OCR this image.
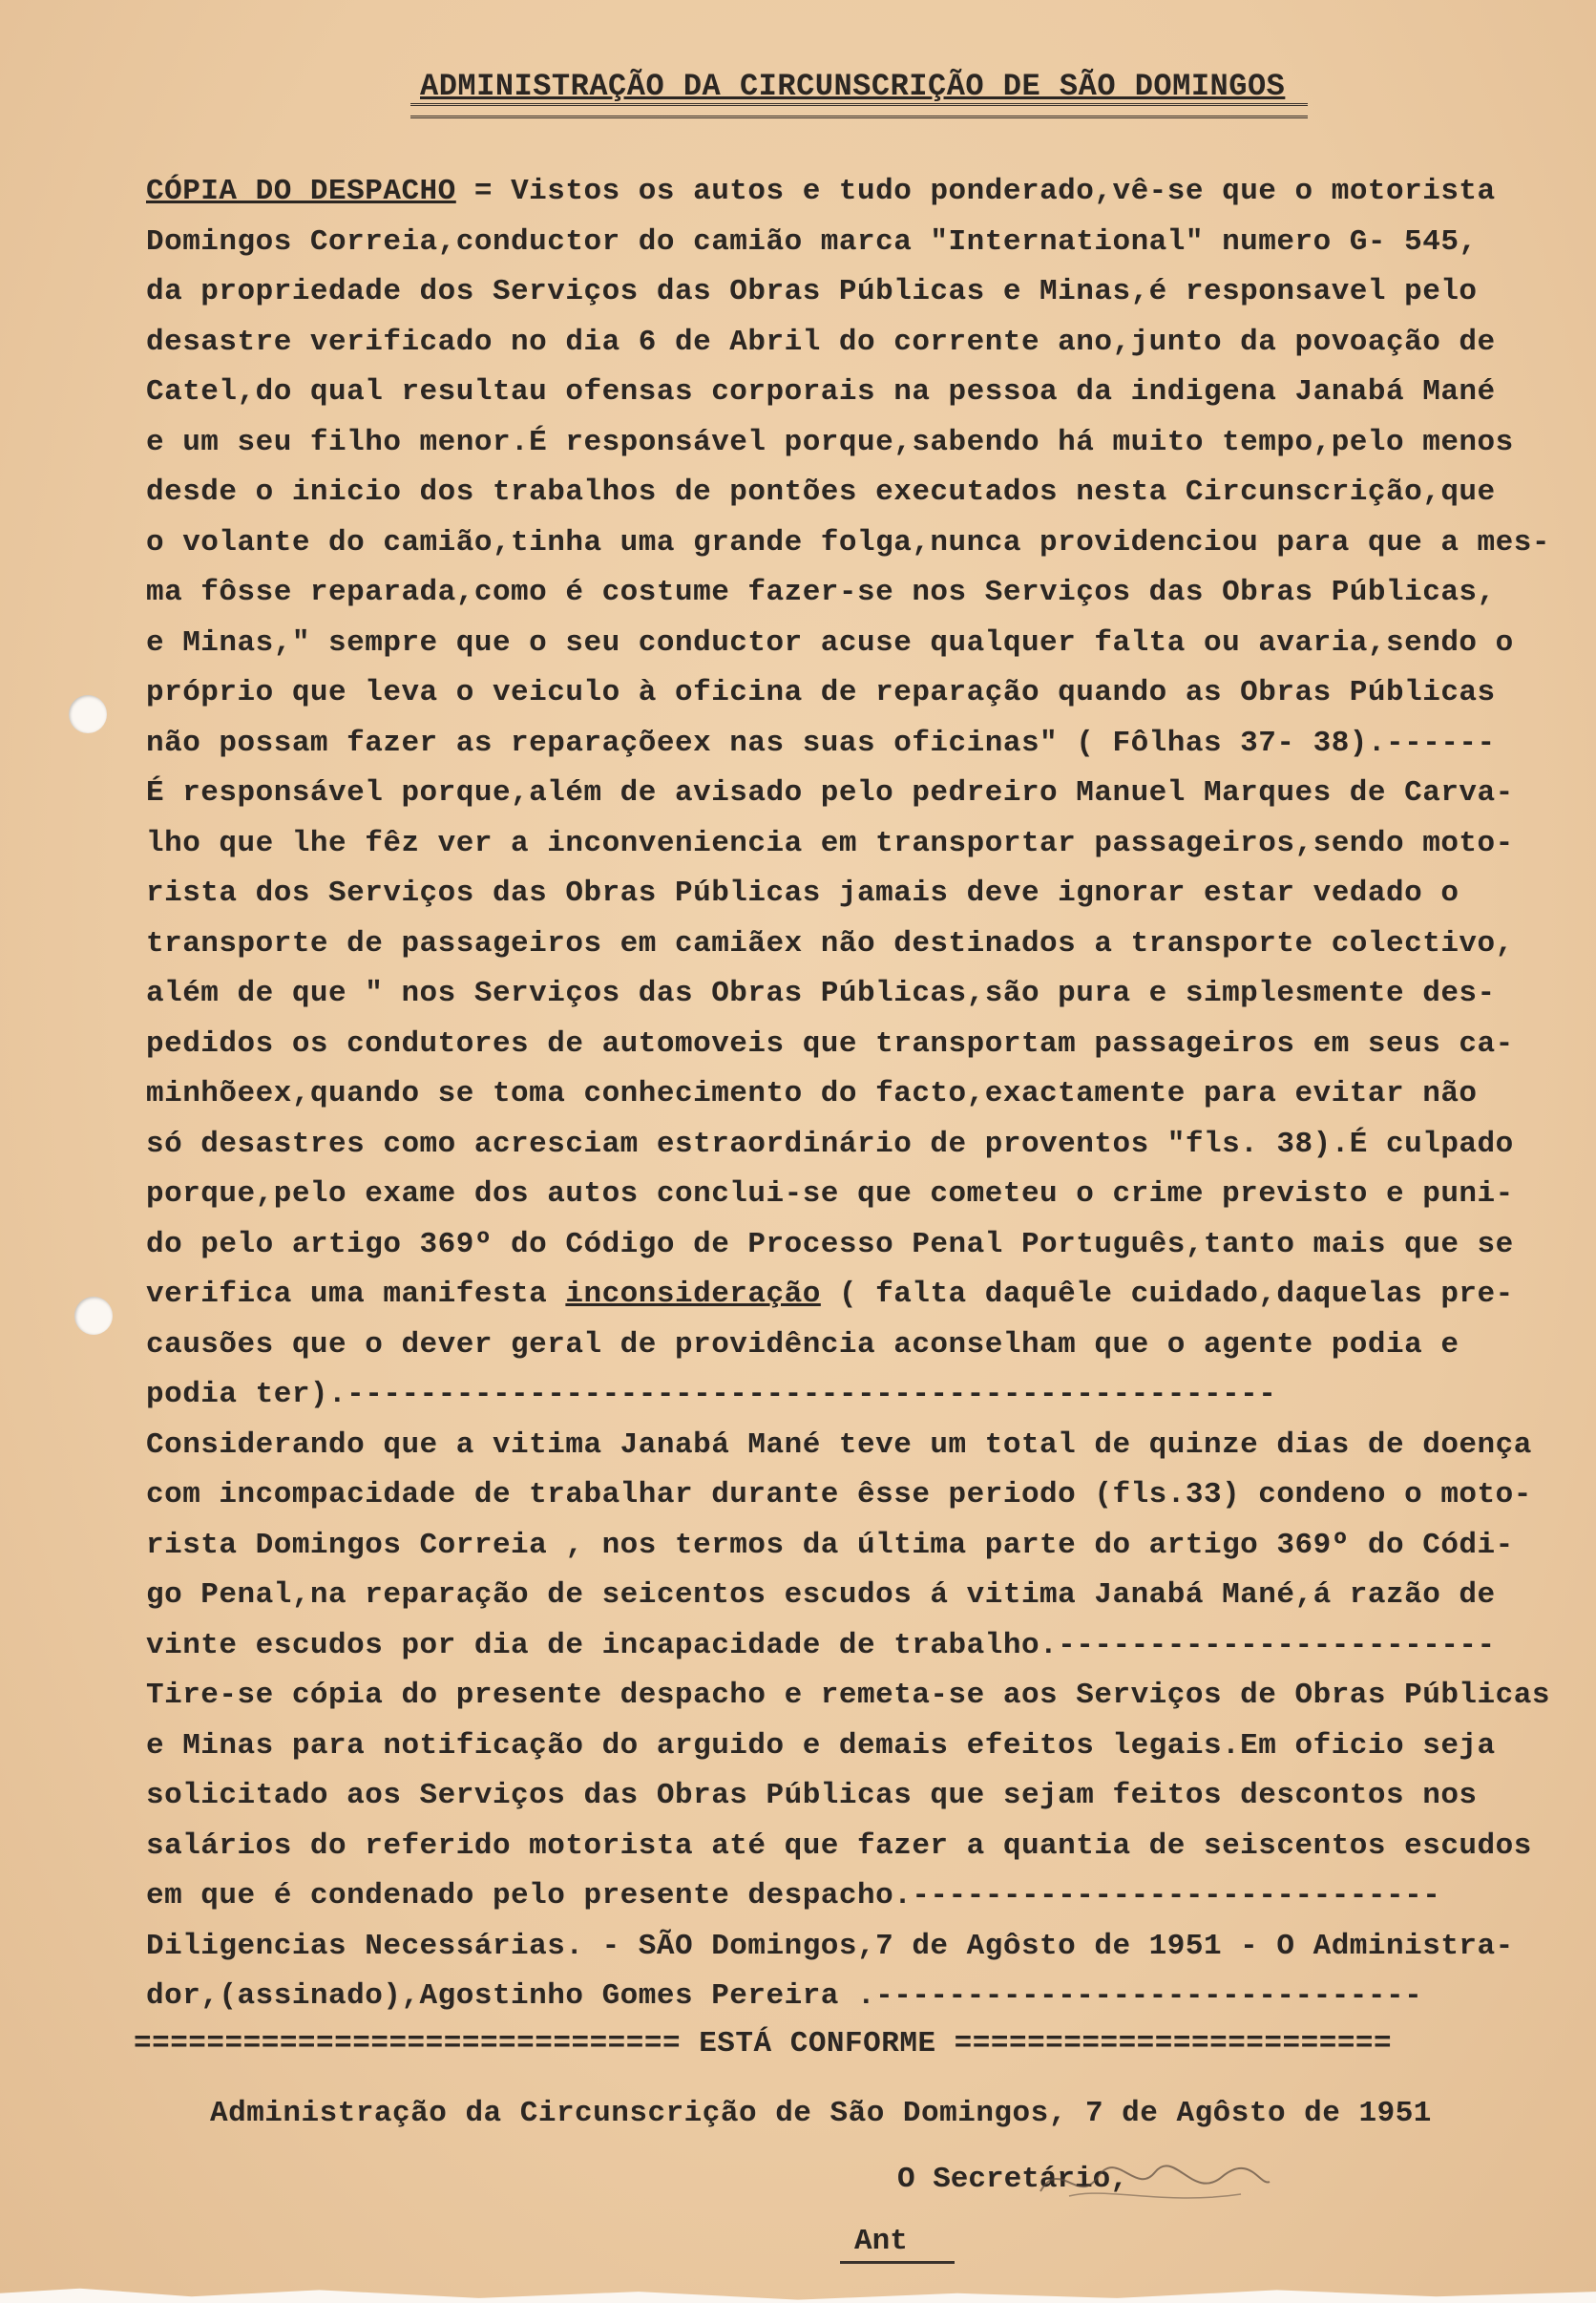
ADMINISTRAÇÃO DA CIRCUNSCRIÇÃO DE SÃO DOMINGOS
CÓPIA DO DESPACHO = Vistos os autos e tudo ponderado,vê-se que o motorista
Domingos Correia,conductor do camião marca "International" numero G- 545,
da propriedade dos Serviços das Obras Públicas e Minas,é responsavel pelo
desastre verificado no dia 6 de Abril do corrente ano,junto da povoação de
Catel,do qual resultau ofensas corporais na pessoa da indigena Janabá Mané
e um seu filho menor.É responsável porque,sabendo há muito tempo,pelo menos
desde o inicio dos trabalhos de pontões executados nesta Circunscrição,que
o volante do camião,tinha uma grande folga,nunca providenciou para que a mes-
ma fôsse reparada,como é costume fazer-se nos Serviços das Obras Públicas,
e Minas," sempre que o seu conductor acuse qualquer falta ou avaria,sendo o
próprio que leva o veiculo à oficina de reparação quando as Obras Públicas
não possam fazer as reparaçõeex nas suas oficinas" ( Fôlhas 37- 38).------
É responsável porque,além de avisado pelo pedreiro Manuel Marques de Carva-
lho que lhe fêz ver a inconveniencia em transportar passageiros,sendo moto-
rista dos Serviços das Obras Públicas jamais deve ignorar estar vedado o
transporte de passageiros em camiãex não destinados a transporte colectivo,
além de que " nos Serviços das Obras Públicas,são pura e simplesmente des-
pedidos os condutores de automoveis que transportam passageiros em seus ca-
minhõeex,quando se toma conhecimento do facto,exactamente para evitar não
só desastres como acresciam estraordinário de proventos "fls. 38).É culpado
porque,pelo exame dos autos conclui-se que cometeu o crime previsto e puni-
do pelo artigo 369º do Código de Processo Penal Português,tanto mais que se
verifica uma manifesta inconsideração ( falta daquêle cuidado,daquelas pre-
causões que o dever geral de providência aconselham que o agente podia e
podia ter).---------------------------------------------------
Considerando que a vitima Janabá Mané teve um total de quinze dias de doença
com incompacidade de trabalhar durante êsse periodo (fls.33) condeno o moto-
rista Domingos Correia , nos termos da última parte do artigo 369º do Códi-
go Penal,na reparação de seicentos escudos á vitima Janabá Mané,á razão de
vinte escudos por dia de incapacidade de trabalho.------------------------
Tire-se cópia do presente despacho e remeta-se aos Serviços de Obras Públicas
e Minas para notificação do arguido e demais efeitos legais.Em oficio seja
solicitado aos Serviços das Obras Públicas que sejam feitos descontos nos
salários do referido motorista até que fazer a quantia de seiscentos escudos
em que é condenado pelo presente despacho.-----------------------------
Diligencias Necessárias. - SÃO Domingos,7 de Agôsto de 1951 - O Administra-
dor,(assinado),Agostinho Gomes Pereira .------------------------------
============================== ESTÁ CONFORME ========================
Administração da Circunscrição de São Domingos, 7 de Agôsto de 1951
O Secretário,
Ant
